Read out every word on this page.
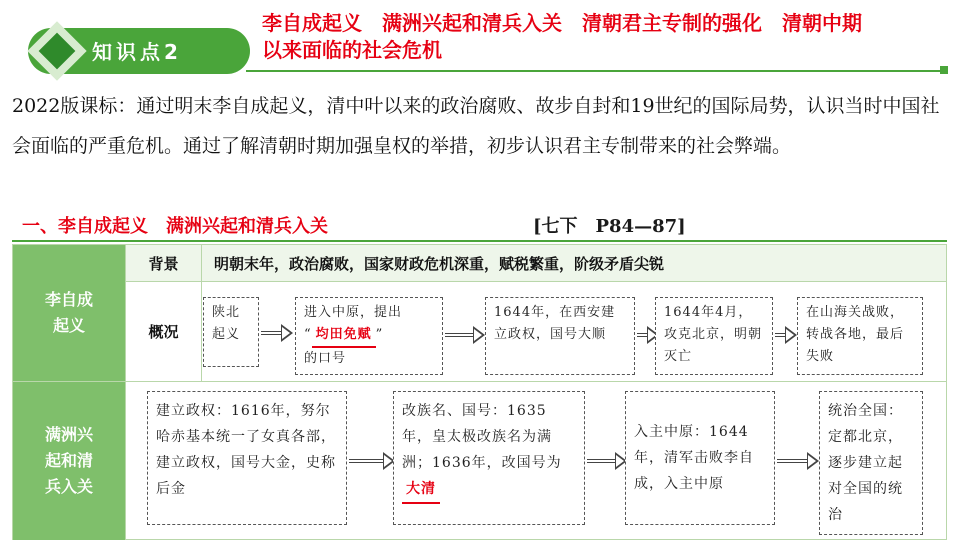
知识点2
李自成起义　满洲兴起和清兵入关　清朝君主专制的强化　清朝中期以来面临的社会危机
2022版课标：通过明末李自成起义，清中叶以来的政治腐败、故步自封和19世纪的国际局势，认识当时中国社会面临的严重危机。通过了解清朝时期加强皇权的举措，初步认识君主专制带来的社会弊端。
一、李自成起义　满洲兴起和清兵入关	[七下　P84—87]
李自成起义
满洲兴起和清兵入关
背景	明朝末年，政治腐败，国家财政危机深重，赋税繁重，阶级矛盾尖锐
概况
陕北起义
进入中原，提出
“ 均田免赋 ”
的口号
1644年，在西安建立政权，国号大顺
1644年4月，攻克北京，明朝灭亡
在山海关战败，转战各地，最后失败
建立政权：1616年，努尔哈赤基本统一了女真各部，建立政权，国号大金，史称后金
改族名、国号：1635年，皇太极改族名为满洲；1636年，改国号为大清
入主中原：1644年，清军击败李自成，入主中原
统治全国：定都北京，逐步建立起对全国的统治
